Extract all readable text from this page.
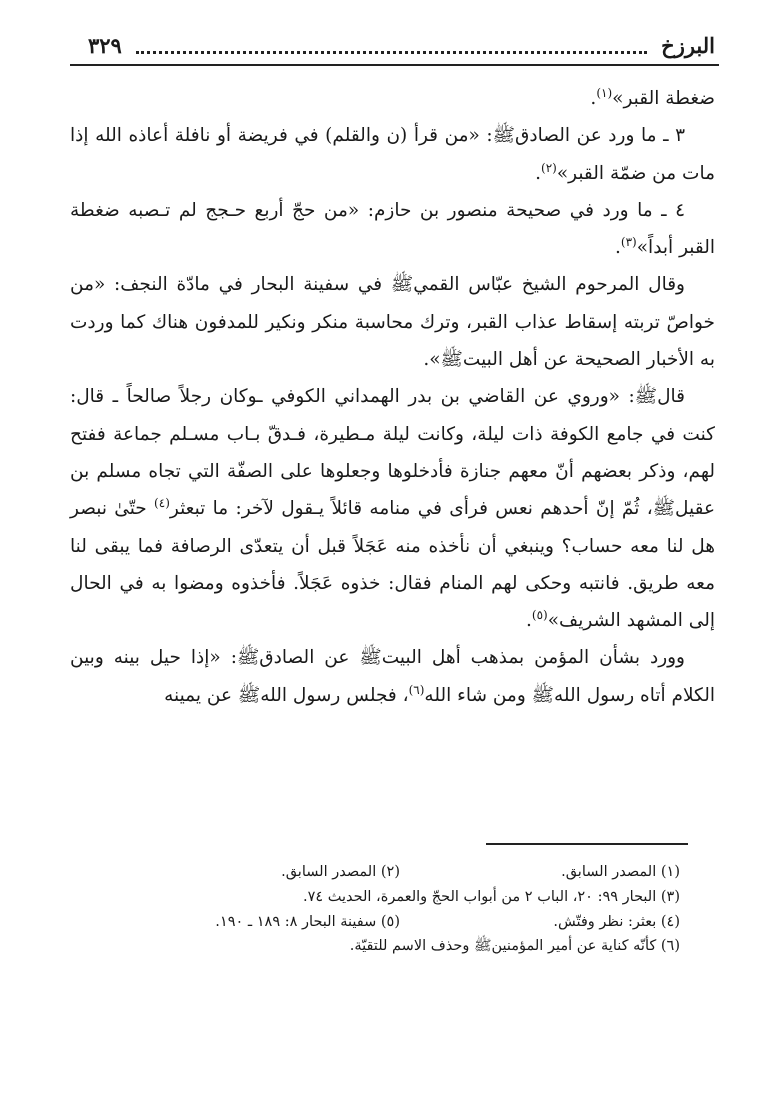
البرزخ
٣٢٩

ضغطة القبر»$^{(١)}$.

٣ ـ ما ورد عن الصادقﷺ: «من قرأ (ن والقلم) في فريضة أو نافلة أعاذه الله إذا مات من ضمّة القبر»$^{(٢)}$.

٤ ـ ما ورد في صحيحة منصور بن حازم: «من حجّ أربع حـجج لم تـصبه ضغطة القبر أبداً»$^{(٣)}$.

وقال المرحوم الشيخ عبّاس القميﷺ في سفينة البحار في مادّة النجف: «من خواصّ تربته إسقاط عذاب القبر، وترك محاسبة منكر ونكير للمدفون هناك كما وردت به الأخبار الصحيحة عن أهل البيتﷺ».

قالﷺ: «وروي عن القاضي بن بدر الهمداني الكوفي ـوكان رجلاً صالحاً ـ قال: كنت في جامع الكوفة ذات ليلة، وكانت ليلة مـطيرة، فـدقّ بـاب مسـلم جماعة ففتح لهم، وذكر بعضهم أنّ معهم جنازة فأدخلوها وجعلوها على الصفّة التي تجاه مسلم بن عقيلﷺ، ثُمّ إنّ أحدهم نعس فرأى في منامه قائلاً يـقول لآخر: ما تبعثر$^{(٤)}$ حتّىٰ نبصر هل لنا معه حساب؟ وينبغي أن نأخذه منه عَجَلاً قبل أن يتعدّى الرصافة فما يبقى لنا معه طريق. فانتبه وحكى لهم المنام فقال: خذوه عَجَلاً. فأخذوه ومضوا به في الحال إلى المشهد الشريف»$^{(٥)}$.

وورد بشأن المؤمن بمذهب أهل البيتﷺ عن الصادقﷺ: «إذا حيل بينه وبين الكلام أتاه رسول اللهﷺ ومن شاء الله$^{(٦)}$، فجلس رسول اللهﷺ عن يمينه

(١) المصدر السابق.
(٢) المصدر السابق.
(٣) البحار ٩٩: ٢٠، الباب ٢ من أبواب الحجّ والعمرة، الحديث ٧٤.
(٤) بعثر: نظر وفتّش.
(٥) سفينة البحار ٨: ١٨٩ ـ ١٩٠.
(٦) كأنّه كناية عن أمير المؤمنينﷺ وحذف الاسم للتقيّة.
